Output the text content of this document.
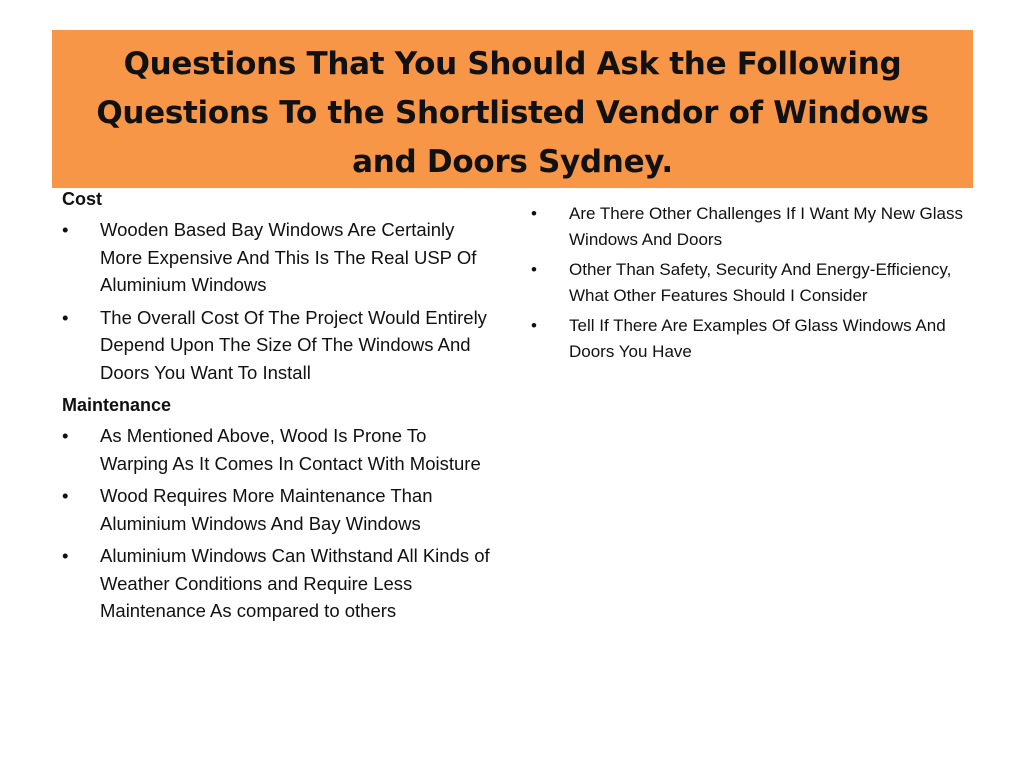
Questions That You Should Ask the Following Questions To the Shortlisted Vendor of Windows and Doors Sydney.
Cost
• Wooden Based Bay Windows Are Certainly More Expensive And This Is The Real USP Of Aluminium Windows
• The Overall Cost Of The Project Would Entirely Depend Upon The Size Of The Windows And Doors You Want To Install
Maintenance
• As Mentioned Above, Wood Is Prone To Warping As It Comes In Contact With Moisture
• Wood Requires More Maintenance Than Aluminium Windows And Bay Windows
• Aluminium Windows Can Withstand All Kinds of Weather Conditions and Require Less Maintenance As compared to others
• Are There Other Challenges If I Want My New Glass Windows And Doors
• Other Than Safety, Security And Energy-Efficiency, What Other Features Should I Consider
• Tell If There Are Examples Of Glass Windows And Doors You Have
